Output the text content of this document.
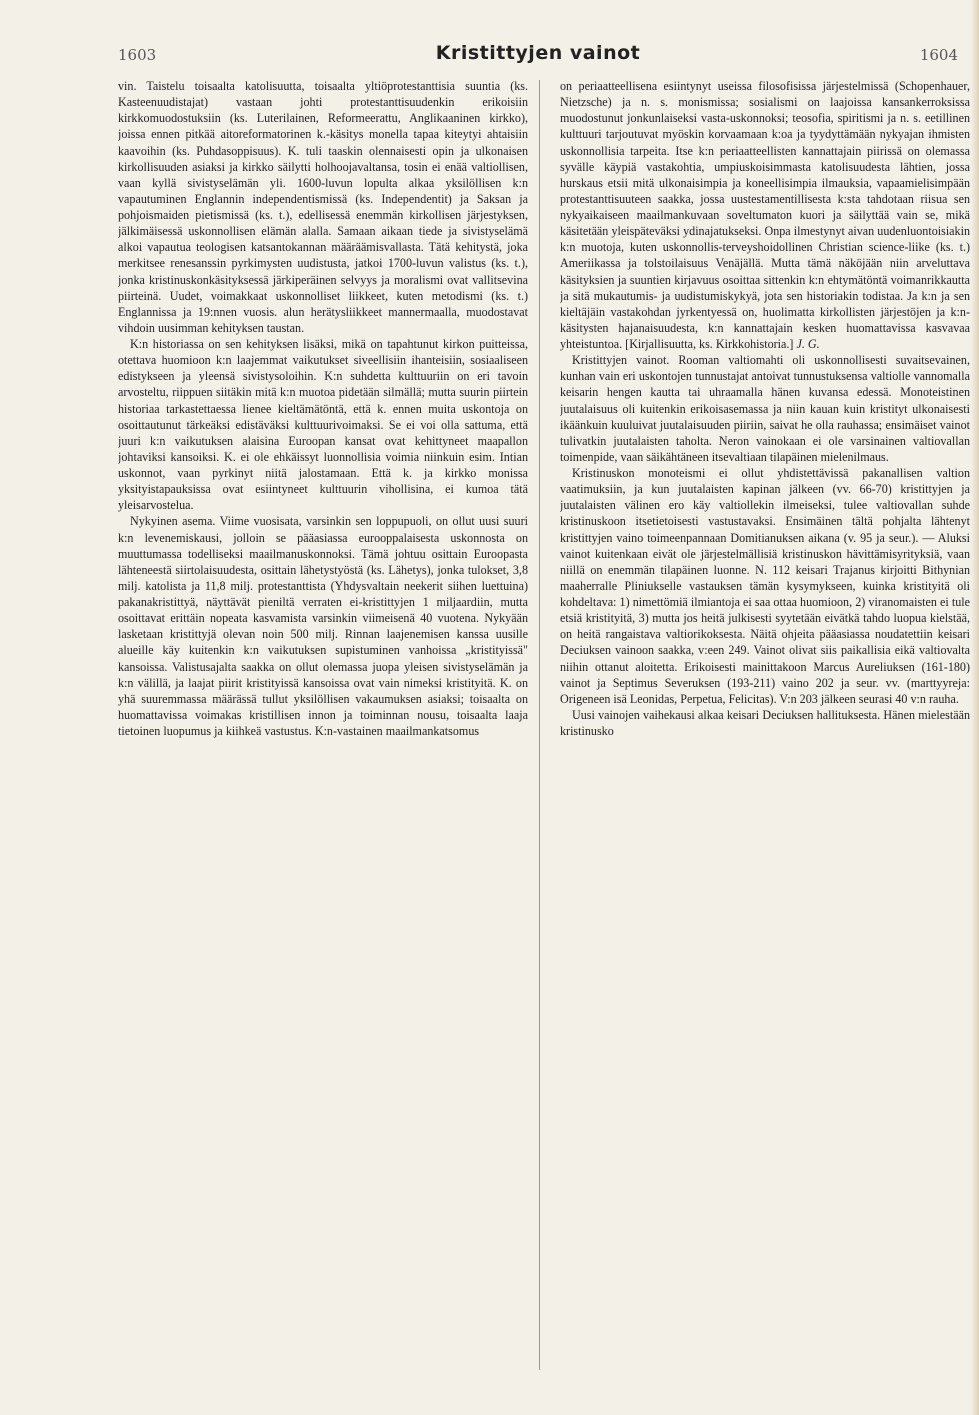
1603	Kristittyjen vainot	1604

vin. Taistelu toisaalta katolisuutta, toisaalta yltiöprotestanttisia suuntia (ks. Kasteenuudistajat) vastaan johti protestanttisuudenkin erikoisiin kirkkomuodostuksiin (ks. Luterilainen, Reformeerattu, Anglikaaninen kirkko), joissa ennen pitkää aitoreformatorinen k.-käsitys monella tapaa kiteytyi ahtaisiin kaavoihin (ks. Puhdasoppisuus). K. tuli taaskin olennaisesti opin ja ulkonaisen kirkollisuuden asiaksi ja kirkko säilytti holhoojavaltansa, tosin ei enää valtiollisen, vaan kyllä sivistyselämän yli. 1600-luvun lopulta alkaa yksilöllisen k:n vapautuminen Englannin independentismissä (ks. Independentit) ja Saksan ja pohjoismaiden pietismissä (ks. t.), edellisessä enemmän kirkollisen järjestyksen, jälkimäisessä uskonnollisen elämän alalla. Samaan aikaan tiede ja sivistyselämä alkoi vapautua teologisen katsantokannan määräämisvallasta. Tätä kehitystä, joka merkitsee renesanssin pyrkimysten uudistusta, jatkoi 1700-luvun valistus (ks. t.), jonka kristinuskonkäsityksessä järkiperäinen selvyys ja moralismi ovat vallitsevina piirteinä. Uudet, voimakkaat uskonnolliset liikkeet, kuten metodismi (ks. t.) Englannissa ja 19:nnen vuosis. alun herätysliikkeet mannermaalla, muodostavat vihdoin uusimman kehityksen taustan.

K:n historiassa on sen kehityksen lisäksi, mikä on tapahtunut kirkon puitteissa, otettava huomioon k:n laajemmat vaikutukset siveellisiin ihanteisiin, sosiaaliseen edistykseen ja yleensä sivistysoloihin. K:n suhdetta kulttuuriin on eri tavoin arvosteltu, riippuen siitäkin mitä k:n muotoa pidetään silmällä; mutta suurin piirtein historiaa tarkastettaessa lienee kieltämätöntä, että k. ennen muita uskontoja on osoittautunut tärkeäksi edistäväksi kulttuurivoimaksi. Se ei voi olla sattuma, että juuri k:n vaikutuksen alaisina Euroopan kansat ovat kehittyneet maapallon johtaviksi kansoiksi. K. ei ole ehkäissyt luonnollisia voimia niinkuin esim. Intian uskonnot, vaan pyrkinyt niitä jalostamaan. Että k. ja kirkko monissa yksityistapauksissa ovat esiintyneet kulttuurin vihollisina, ei kumoa tätä yleisarvostelua.

Nykyinen asema. Viime vuosisata, varsinkin sen loppupuoli, on ollut uusi suuri k:n levenemiskausi, jolloin se pääasiassa eurooppalaisesta uskonnosta on muuttumassa todelliseksi maailmanuskonnoksi. Tämä johtuu osittain Euroopasta lähteneestä siirtolaisuudesta, osittain lähetystyöstä (ks. Lähetys), jonka tulokset, 3,8 milj. katolista ja 11,8 milj. protestanttista (Yhdysvaltain neekerit siihen luettuina) pakanakristittyä, näyttävät pieniltä verraten ei-kristittyjen 1 miljaardiin, mutta osoittavat erittäin nopeata kasvamista varsinkin viimeisenä 40 vuotena. Nykyään lasketaan kristittyjä olevan noin 500 milj. Rinnan laajenemisen kanssa uusille alueille käy kuitenkin k:n vaikutuksen supistuminen vanhoissa „kristityissä" kansoissa. Valistusajalta saakka on ollut olemassa juopa yleisen sivistyselämän ja k:n välillä, ja laajat piirit kristityissä kansoissa ovat vain nimeksi kristityitä. K. on yhä suuremmassa määrässä tullut yksilöllisen vakaumuksen asiaksi; toisaalta on huomattavissa voimakas kristillisen innon ja toiminnan nousu, toisaalta laaja tietoinen luopumus ja kiihkeä vastustus. K:n-vastainen maailmankatsomus

on periaatteellisena esiintynyt useissa filosofisissa järjestelmissä (Schopenhauer, Nietzsche) ja n. s. monismissa; sosialismi on laajoissa kansankerroksissa muodostunut jonkunlaiseksi vasta-uskonnoksi; teosofia, spiritismi ja n. s. eetillinen kulttuuri tarjoutuvat myöskin korvaamaan k:oa ja tyydyttämään nykyajan ihmisten uskonnollisia tarpeita. Itse k:n periaatteellisten kannattajain piirissä on olemassa syvälle käypiä vastakohtia, umpiuskoisimmasta katolisuudesta lähtien, jossa hurskaus etsii mitä ulkonaisimpia ja koneellisimpia ilmauksia, vapaamielisimpään protestanttisuuteen saakka, jossa uustestamentillisesta k:sta tahdotaan riisua sen nykyaikaiseen maailmankuvaan soveltumaton kuori ja säilyttää vain se, mikä käsitetään yleispäteväksi ydinajatukseksi. Onpa ilmestynyt aivan uudenluontoisiakin k:n muotoja, kuten uskonnollis-terveyshoidollinen Christian science-liike (ks. t.) Ameriikassa ja tolstoilaisuus Venäjällä. Mutta tämä näköjään niin arveluttava käsityksien ja suuntien kirjavuus osoittaa sittenkin k:n ehtymätöntä voimanrikkautta ja sitä mukautumis- ja uudistumiskykyä, jota sen historiakin todistaa. Ja k:n ja sen kieltäjäin vastakohdan jyrkentyessä on, huolimatta kirkollisten järjestöjen ja k:n-käsitysten hajanaisuudesta, k:n kannattajain kesken huomattavissa kasvavaa yhteistuntoa. [Kirjallisuutta, ks. Kirkkohistoria.] J. G.

Kristittyjen vainot. Rooman valtiomahti oli uskonnollisesti suvaitsevainen, kunhan vain eri uskontojen tunnustajat antoivat tunnustuksensa valtiolle vannomalla keisarin hengen kautta tai uhraamalla hänen kuvansa edessä. Monoteistinen juutalaisuus oli kuitenkin erikoisasemassa ja niin kauan kuin kristityt ulkonaisesti ikäänkuin kuuluivat juutalaisuuden piiriin, saivat he olla rauhassa; ensimäiset vainot tulivatkin juutalaisten taholta. Neron vainokaan ei ole varsinainen valtiovallan toimenpide, vaan säikähtäneen itsevaltiaan tilapäinen mielenilmaus.

Kristinuskon monoteismi ei ollut yhdistettävissä pakanallisen valtion vaatimuksiin, ja kun juutalaisten kapinan jälkeen (vv. 66-70) kristittyjen ja juutalaisten välinen ero käy valtiollekin ilmeiseksi, tulee valtiovallan suhde kristinuskoon itsetietoisesti vastustavaksi. Ensimäinen tältä pohjalta lähtenyt kristittyjen vaino toimeenpannaan Domitianuksen aikana (v. 95 ja seur.). — Aluksi vainot kuitenkaan eivät ole järjestelmällisiä kristinuskon hävittämisyrityksiä, vaan niillä on enemmän tilapäinen luonne. N. 112 keisari Trajanus kirjoitti Bithynian maaherralle Pliniukselle vastauksen tämän kysymykseen, kuinka kristityitä oli kohdeltava: 1) nimettömiä ilmiantoja ei saa ottaa huomioon, 2) viranomaisten ei tule etsiä kristityitä, 3) mutta jos heitä julkisesti syytetään eivätkä tahdo luopua kielstää, on heitä rangaistava valtiorikoksesta. Näitä ohjeita pääasiassa noudatettiin keisari Deciuksen vainoon saakka, v:een 249. Vainot olivat siis paikallisia eikä valtiovalta niihin ottanut aloitetta. Erikoisesti mainittakoon Marcus Aureliuksen (161-180) vainot ja Septimus Severuksen (193-211) vaino 202 ja seur. vv. (marttyyreja: Origeneen isä Leonidas, Perpetua, Felicitas). V:n 203 jälkeen seurasi 40 v:n rauha.

Uusi vainojen vaihekausi alkaa keisari Deciuksen hallituksesta. Hänen mielestään kristinusko
